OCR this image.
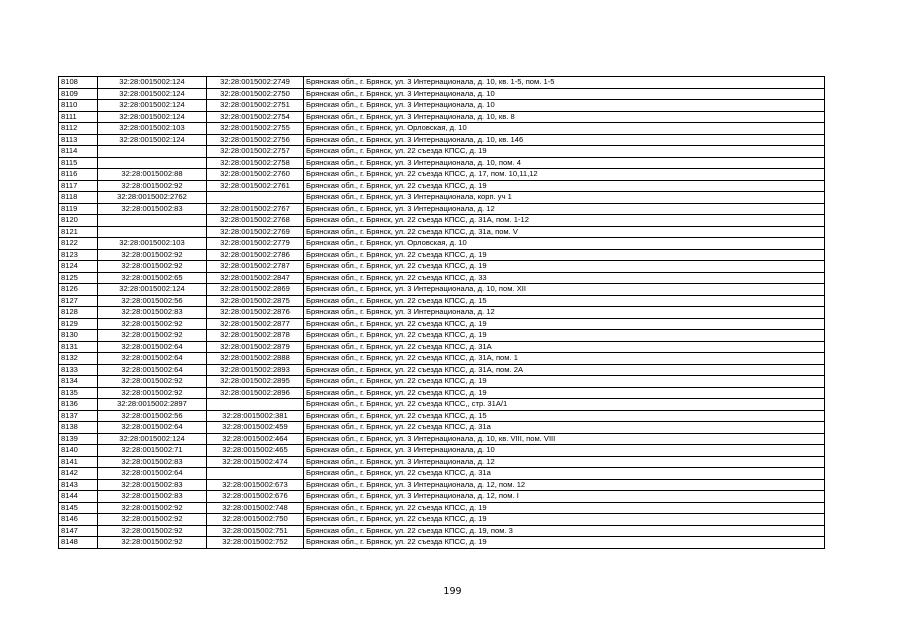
8108	32:28:0015002:124	32:28:0015002:2749	Брянская обл., г. Брянск, ул. 3 Интернационала, д. 10, кв. 1-5, пом. 1-5
8109	32:28:0015002:124	32:28:0015002:2750	Брянская обл., г. Брянск, ул. 3 Интернационала, д. 10
8110	32:28:0015002:124	32:28:0015002:2751	Брянская обл., г. Брянск, ул. 3 Интернационала, д. 10
8111	32:28:0015002:124	32:28:0015002:2754	Брянская обл., г. Брянск, ул. 3 Интернационала, д. 10, кв. 8
8112	32:28:0015002:103	32:28:0015002:2755	Брянская обл., г. Брянск, ул. Орловская, д. 10
8113	32:28:0015002:124	32:28:0015002:2756	Брянская обл., г. Брянск, ул. 3 Интернационала, д. 10, кв. 146
8114		32:28:0015002:2757	Брянская обл., г. Брянск, ул. 22 съезда КПСС, д. 19
8115		32:28:0015002:2758	Брянская обл., г. Брянск, ул. 3 Интернационала, д. 10, пом. 4
8116	32:28:0015002:88	32:28:0015002:2760	Брянская обл., г. Брянск, ул. 22 съезда КПСС, д. 17, пом. 10,11,12
8117	32:28:0015002:92	32:28:0015002:2761	Брянская обл., г. Брянск, ул. 22 съезда КПСС, д. 19
8118	32:28:0015002:2762		Брянская обл., г. Брянск, ул. 3 Интернационала, корп. уч 1
8119	32:28:0015002:83	32:28:0015002:2767	Брянская обл., г. Брянск, ул. 3 Интернационала, д. 12
8120		32:28:0015002:2768	Брянская обл., г. Брянск, ул. 22 съезда КПСС, д. 31А, пом. 1-12
8121		32:28:0015002:2769	Брянская обл., г. Брянск, ул. 22 съезда КПСС, д. 31а, пом. V
8122	32:28:0015002:103	32:28:0015002:2779	Брянская обл., г. Брянск, ул. Орловская, д. 10
8123	32:28:0015002:92	32:28:0015002:2786	Брянская обл., г. Брянск, ул. 22 съезда КПСС, д. 19
8124	32:28:0015002:92	32:28:0015002:2787	Брянская обл., г. Брянск, ул. 22 съезда КПСС, д. 19
8125	32:28:0015002:65	32:28:0015002:2847	Брянская обл., г. Брянск, ул. 22 съезда КПСС, д. 33
8126	32:28:0015002:124	32:28:0015002:2869	Брянская обл., г. Брянск, ул. 3 Интернационала, д. 10, пом. XII
8127	32:28:0015002:56	32:28:0015002:2875	Брянская обл., г. Брянск, ул. 22 съезда КПСС, д. 15
8128	32:28:0015002:83	32:28:0015002:2876	Брянская обл., г. Брянск, ул. 3 Интернационала, д. 12
8129	32:28:0015002:92	32:28:0015002:2877	Брянская обл., г. Брянск, ул. 22 съезда КПСС, д. 19
8130	32:28:0015002:92	32:28:0015002:2878	Брянская обл., г. Брянск, ул. 22 съезда КПСС, д. 19
8131	32:28:0015002:64	32:28:0015002:2879	Брянская обл., г. Брянск, ул. 22 съезда КПСС, д. 31А
8132	32:28:0015002:64	32:28:0015002:2888	Брянская обл., г. Брянск, ул. 22 съезда КПСС, д. 31А, пом. 1
8133	32:28:0015002:64	32:28:0015002:2893	Брянская обл., г. Брянск, ул. 22 съезда КПСС, д. 31А, пом. 2А
8134	32:28:0015002:92	32:28:0015002:2895	Брянская обл., г. Брянск, ул. 22 съезда КПСС, д. 19
8135	32:28:0015002:92	32:28:0015002:2896	Брянская обл., г. Брянск, ул. 22 съезда КПСС, д. 19
8136	32:28:0015002:2897		Брянская обл., г. Брянск, ул. 22 съезда КПСС,, стр. 31А/1
8137	32:28:0015002:56	32:28:0015002:381	Брянская обл., г. Брянск, ул. 22 съезда КПСС, д. 15
8138	32:28:0015002:64	32:28:0015002:459	Брянская обл., г. Брянск, ул. 22 съезда КПСС, д. 31а
8139	32:28:0015002:124	32:28:0015002:464	Брянская обл., г. Брянск, ул. 3 Интернационала, д. 10, кв. VIII, пом. VIII
8140	32:28:0015002:71	32:28:0015002:465	Брянская обл., г. Брянск, ул. 3 Интернационала, д. 10
8141	32:28:0015002:83	32:28:0015002:474	Брянская обл., г. Брянск, ул. 3 Интернационала, д. 12
8142	32:28:0015002:64		Брянская обл., г. Брянск, ул. 22 съезда КПСС, д. 31а
8143	32:28:0015002:83	32:28:0015002:673	Брянская обл., г. Брянск, ул. 3 Интернационала, д. 12, пом. 12
8144	32:28:0015002:83	32:28:0015002:676	Брянская обл., г. Брянск, ул. 3 Интернационала, д. 12, пом. I
8145	32:28:0015002:92	32:28:0015002:748	Брянская обл., г. Брянск, ул. 22 съезда КПСС, д. 19
8146	32:28:0015002:92	32:28:0015002:750	Брянская обл., г. Брянск, ул. 22 съезда КПСС, д. 19
8147	32:28:0015002:92	32:28:0015002:751	Брянская обл., г. Брянск, ул. 22 съезда КПСС, д. 19, пом. 3
8148	32:28:0015002:92	32:28:0015002:752	Брянская обл., г. Брянск, ул. 22 съезда КПСС, д. 19
199
